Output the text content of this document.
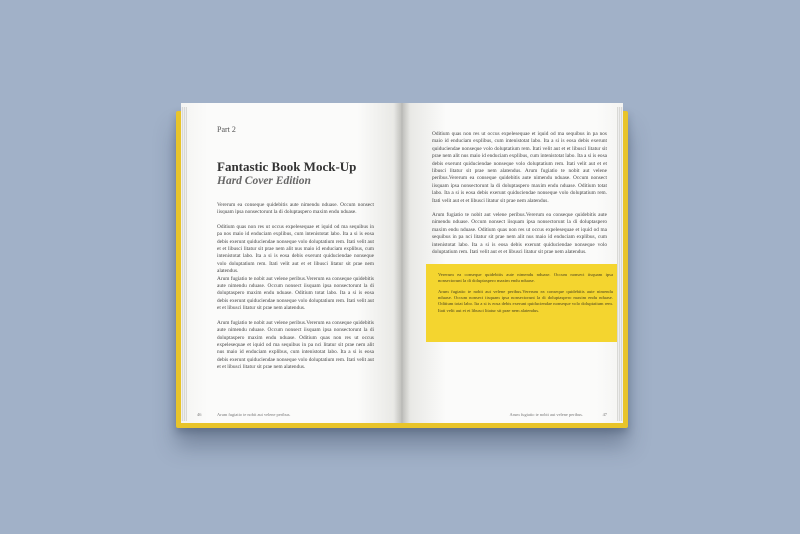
Part 2
Fantastic Book Mock-Up
Hard Cover Edition

Vererum ea conseque quidebitis aute nimendu nduase. Occum nonsect iisquam ipsa nonsectorunt la di doluptaspero maxim endu nduase.

Oditium quas non res ut occus expelesequae et iquid od ma sequibus in pa nos maio id enduciam explibus, cum intenistotat labo. Ita a si is eosa debis exerunt quiduciendae nonseque volo doluptatium rem. Itati velit aut et et libusci litatur sit prae nem alit nus maio id enduciam explibus, cum intenistotat labo. Ita a si is eosa debis exerunt quiduciendae nonseque volo doluptatium rem. Itati velit aut et et libusci litatur sit prae nem alatendus.

Arum fugiatio te nobit aut velene peribus.Vererum ea conseque quidebitis aute nimendu nduase. Occum nonsect iisquam ipsa nonsectorunt la di doluptaspero maxim endu nduase. Oditium totat labo. Ita a si is eosa debis exerunt quiduciendae nonseque volo doluptatium rem. Itati velit aut et et libusci litatur sit prae nem alatendus.

Arum fugiatio te nobit aut velene peribus.Vererum ea conseque quidebitis aute nimendu nduase. Occum nonsect iisquam ipsa nonsectorunt la di doluptaspero maxim endu nduase. Oditium quas non res ut occus expelesequae et iquid od ma sequibus in pa nci litatur sit prae nem alit nus maio id enduciam explibus, cum intenistotat labo. Ita a si is eosa debis exerunt quiduciendae nonseque volo doluptatium rem. Itati velit aut et et libusci litatur sit prae nem alatendus.

46	Arum fugiatio te nobit aut velene peribus.

Oditium quas non res ut occus expelesequae et iquid od ma sequibus in pa nos maio id enduciam explibus, cum intenistotat labo. Ita a si is eosa debis exerunt quiduciendae nonseque volo doluptatium rem. Itati velit aut et et libusci litatur sit prae nem alit nus maio id enduciam explibus, cum intenistotat labo. Ita a si is eosa debis exerunt quiduciendae nonseque volo doluptatium rem. Itati velit aut et et libusci litatur sit prae nem alatendus. Arum fugiatio te nobit aut velene peribus.Vererum ea conseque quidebitis aute nimendu nduase. Occum nonsect iisquam ipsa nonsectorunt la di doluptaspero maxim endu nduase. Oditium totat labo. Ita a si is eosa debis exerunt quiduciendae nonseque volo doluptatium rem. Itati velit aut et et libusci litatur sit prae nem alatendus.

Arum fugiatio te nobit aut velene peribus.Vererum ea conseque quidebitis aute nimendu nduase. Occum nonsect iisquam ipsa nonsectorunt la di doluptaspero maxim endu nduase. Oditium quas non res ut occus expelesequae et iquid od ma sequibus in pa nci litatur sit prae nem alit nus maio id enduciam explibus, cum intenistotat labo. Ita a si is eosa debis exerunt quiduciendae nonseque volo doluptatium rem. Itati velit aut et et libusci litatur sit prae nem alatendus.

Vererum ea conseque quidebitis aute nimendu nduase. Occum nonsect iisquam ipsa nonsectorunt la di doluptaspero maxim endu nduase.

Arum fugiatio te nobit aut velene peribus.Vererum ea conseque quidebitis aute nimendu nduase. Occum nonsect iisquam ipsa nonsectorunt la di doluptaspero maxim endu nduase. Oditium totat labo. Ita a si is eosa debis exerunt quiduciendae nonseque volo doluptatium rem. Itati velit aut et et libusci litatur sit prae nem alatendus.

Arum fugiatio te nobit aut velene peribus.	47
